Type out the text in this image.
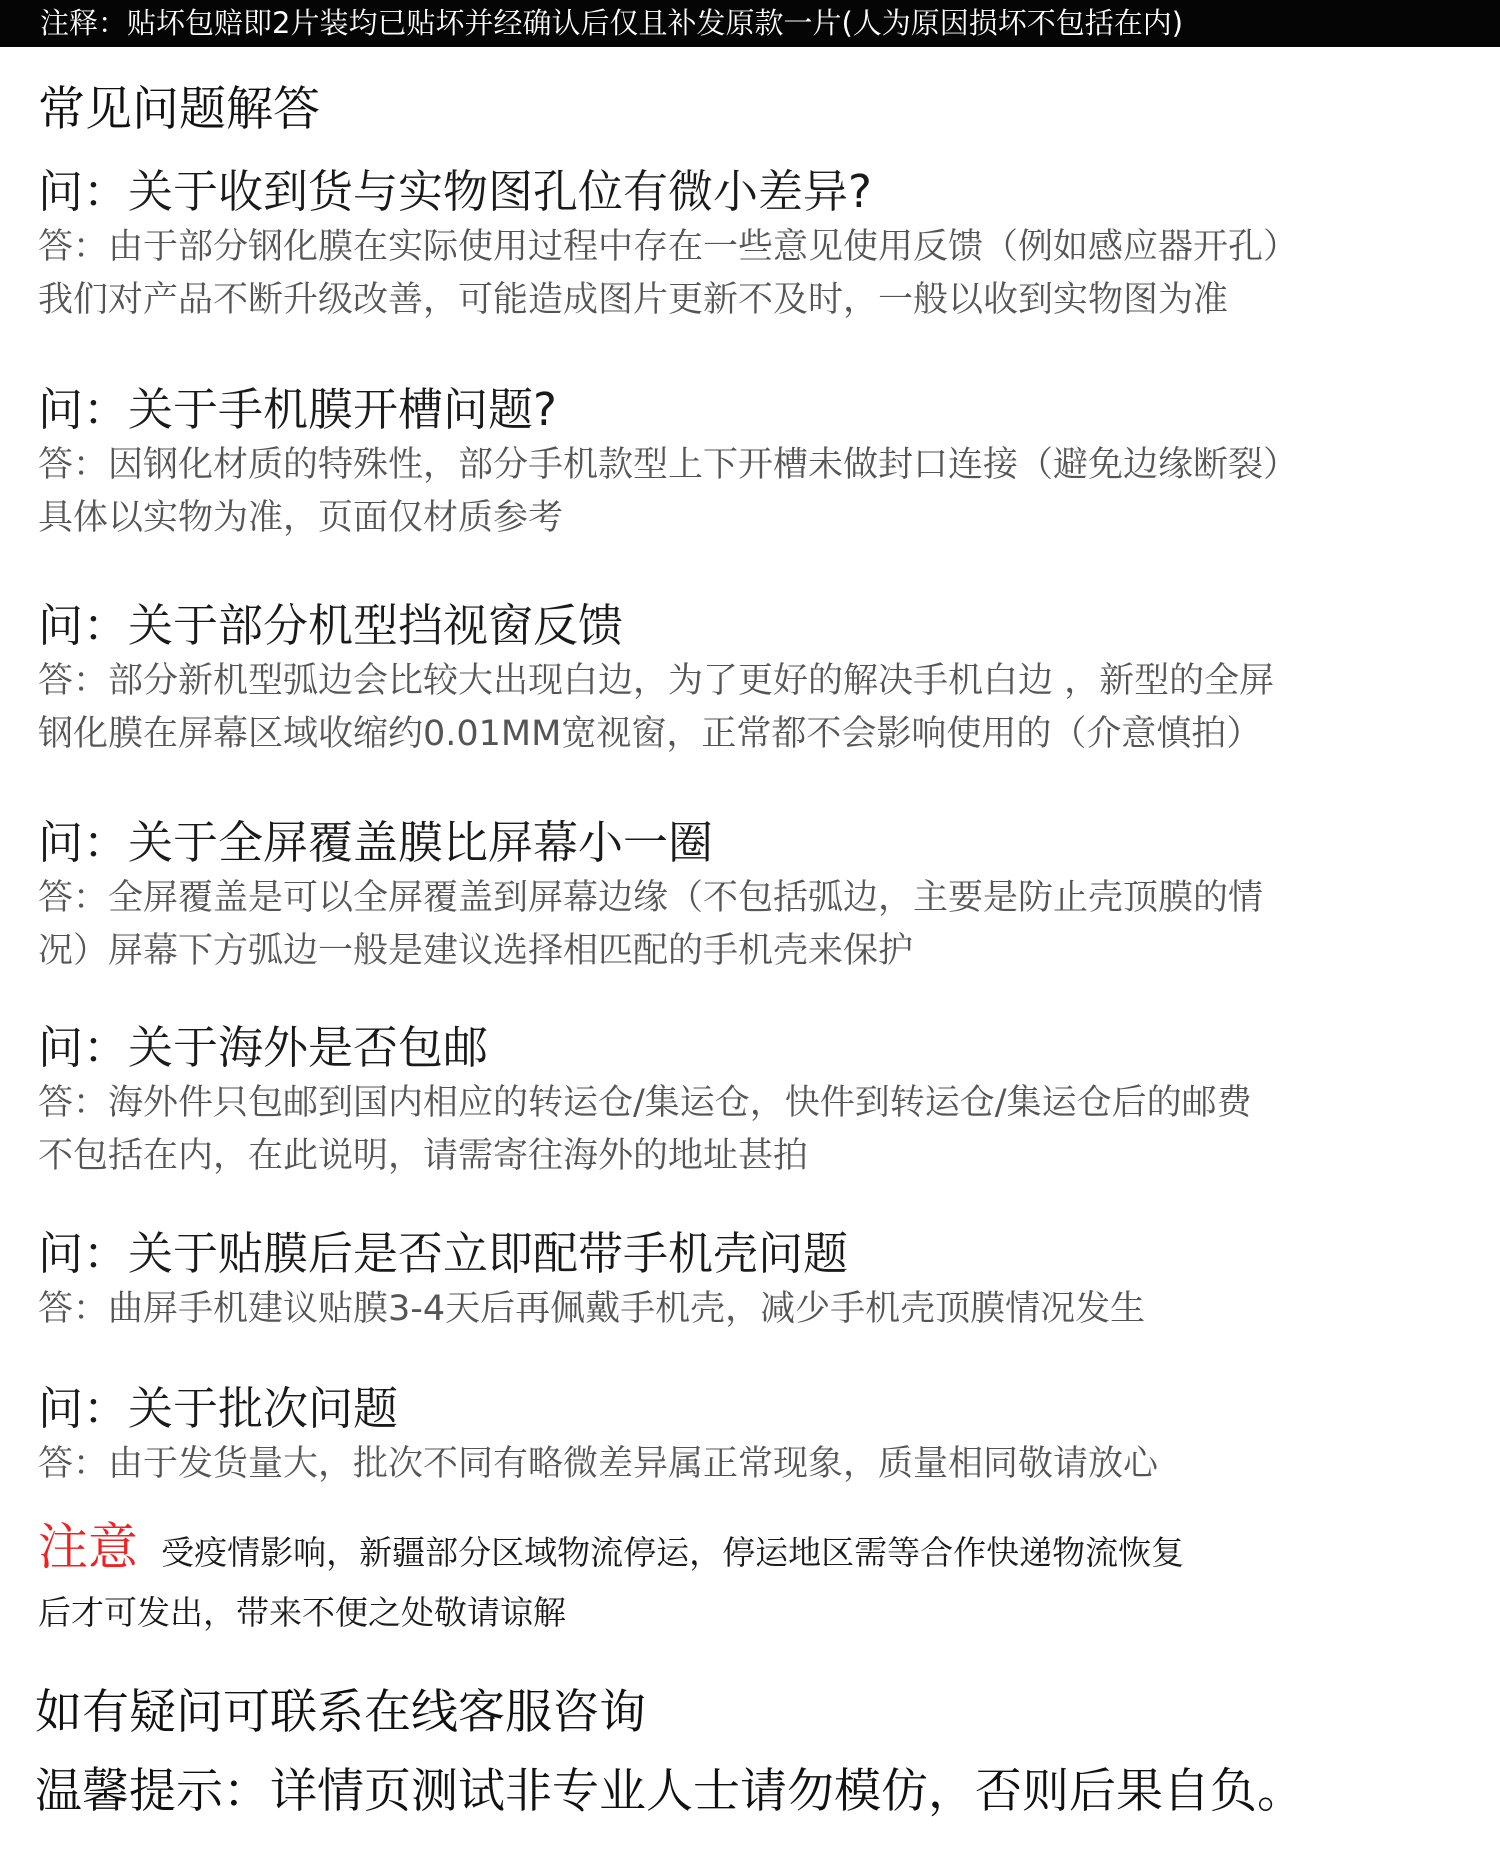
注释：贴坏包赔即2片装均已贴坏并经确认后仅且补发原款一片(人为原因损坏不包括在内)
常见问题解答
问：关于收到货与实物图孔位有微小差异?
答：由于部分钢化膜在实际使用过程中存在一些意见使用反馈（例如感应器开孔）
我们对产品不断升级改善，可能造成图片更新不及时，一般以收到实物图为准
问：关于手机膜开槽问题?
答：因钢化材质的特殊性，部分手机款型上下开槽未做封口连接（避免边缘断裂）
具体以实物为准，页面仅材质参考
问：关于部分机型挡视窗反馈
答：部分新机型弧边会比较大出现白边，为了更好的解决手机白边 ，新型的全屏
钢化膜在屏幕区域收缩约0.01MM宽视窗，正常都不会影响使用的（介意慎拍）
问：关于全屏覆盖膜比屏幕小一圈
答：全屏覆盖是可以全屏覆盖到屏幕边缘（不包括弧边，主要是防止壳顶膜的情
况）屏幕下方弧边一般是建议选择相匹配的手机壳来保护
问：关于海外是否包邮
答：海外件只包邮到国内相应的转运仓/集运仓，快件到转运仓/集运仓后的邮费
不包括在内，在此说明，请需寄往海外的地址甚拍
问：关于贴膜后是否立即配带手机壳问题
答：曲屏手机建议贴膜3-4天后再佩戴手机壳，减少手机壳顶膜情况发生
问：关于批次问题
答：由于发货量大，批次不同有略微差异属正常现象，质量相同敬请放心
注意 受疫情影响，新疆部分区域物流停运，停运地区需等合作快递物流恢复
后才可发出，带来不便之处敬请谅解
如有疑问可联系在线客服咨询
温馨提示：详情页测试非专业人士请勿模仿，否则后果自负。
